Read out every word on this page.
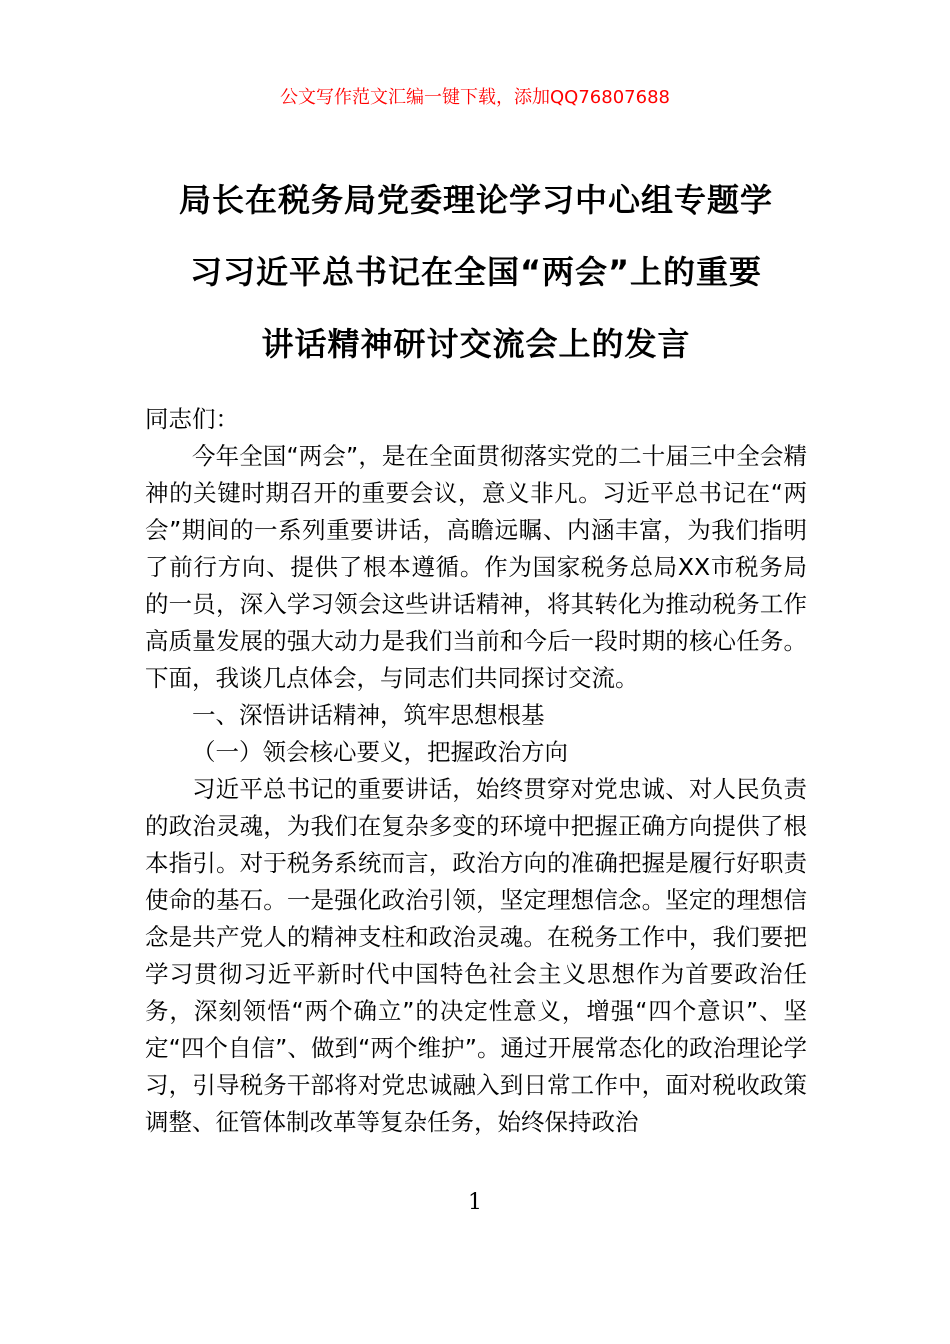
公文写作范文汇编一键下载，添加QQ76807688
局长在税务局党委理论学习中心组专题学
习习近平总书记在全国“两会”上的重要
讲话精神研讨交流会上的发言

同志们：

今年全国“两会”，是在全面贯彻落实党的二十届三中全会精神的关键时期召开的重要会议，意义非凡。习近平总书记在“两会”期间的一系列重要讲话，高瞻远瞩、内涵丰富，为我们指明了前行方向、提供了根本遵循。作为国家税务总局XX市税务局的一员，深入学习领会这些讲话精神，将其转化为推动税务工作高质量发展的强大动力是我们当前和今后一段时期的核心任务。下面，我谈几点体会，与同志们共同探讨交流。

一、深悟讲话精神，筑牢思想根基

（一）领会核心要义，把握政治方向

习近平总书记的重要讲话，始终贯穿对党忠诚、对人民负责的政治灵魂，为我们在复杂多变的环境中把握正确方向提供了根本指引。对于税务系统而言，政治方向的准确把握是履行好职责使命的基石。一是强化政治引领，坚定理想信念。坚定的理想信念是共产党人的精神支柱和政治灵魂。在税务工作中，我们要把学习贯彻习近平新时代中国特色社会主义思想作为首要政治任务，深刻领悟“两个确立”的决定性意义，增强“四个意识”、坚定“四个自信”、做到“两个维护”。通过开展常态化的政治理论学习，引导税务干部将对党忠诚融入到日常工作中，面对税收政策调整、征管体制改革等复杂任务，始终保持政治

1
